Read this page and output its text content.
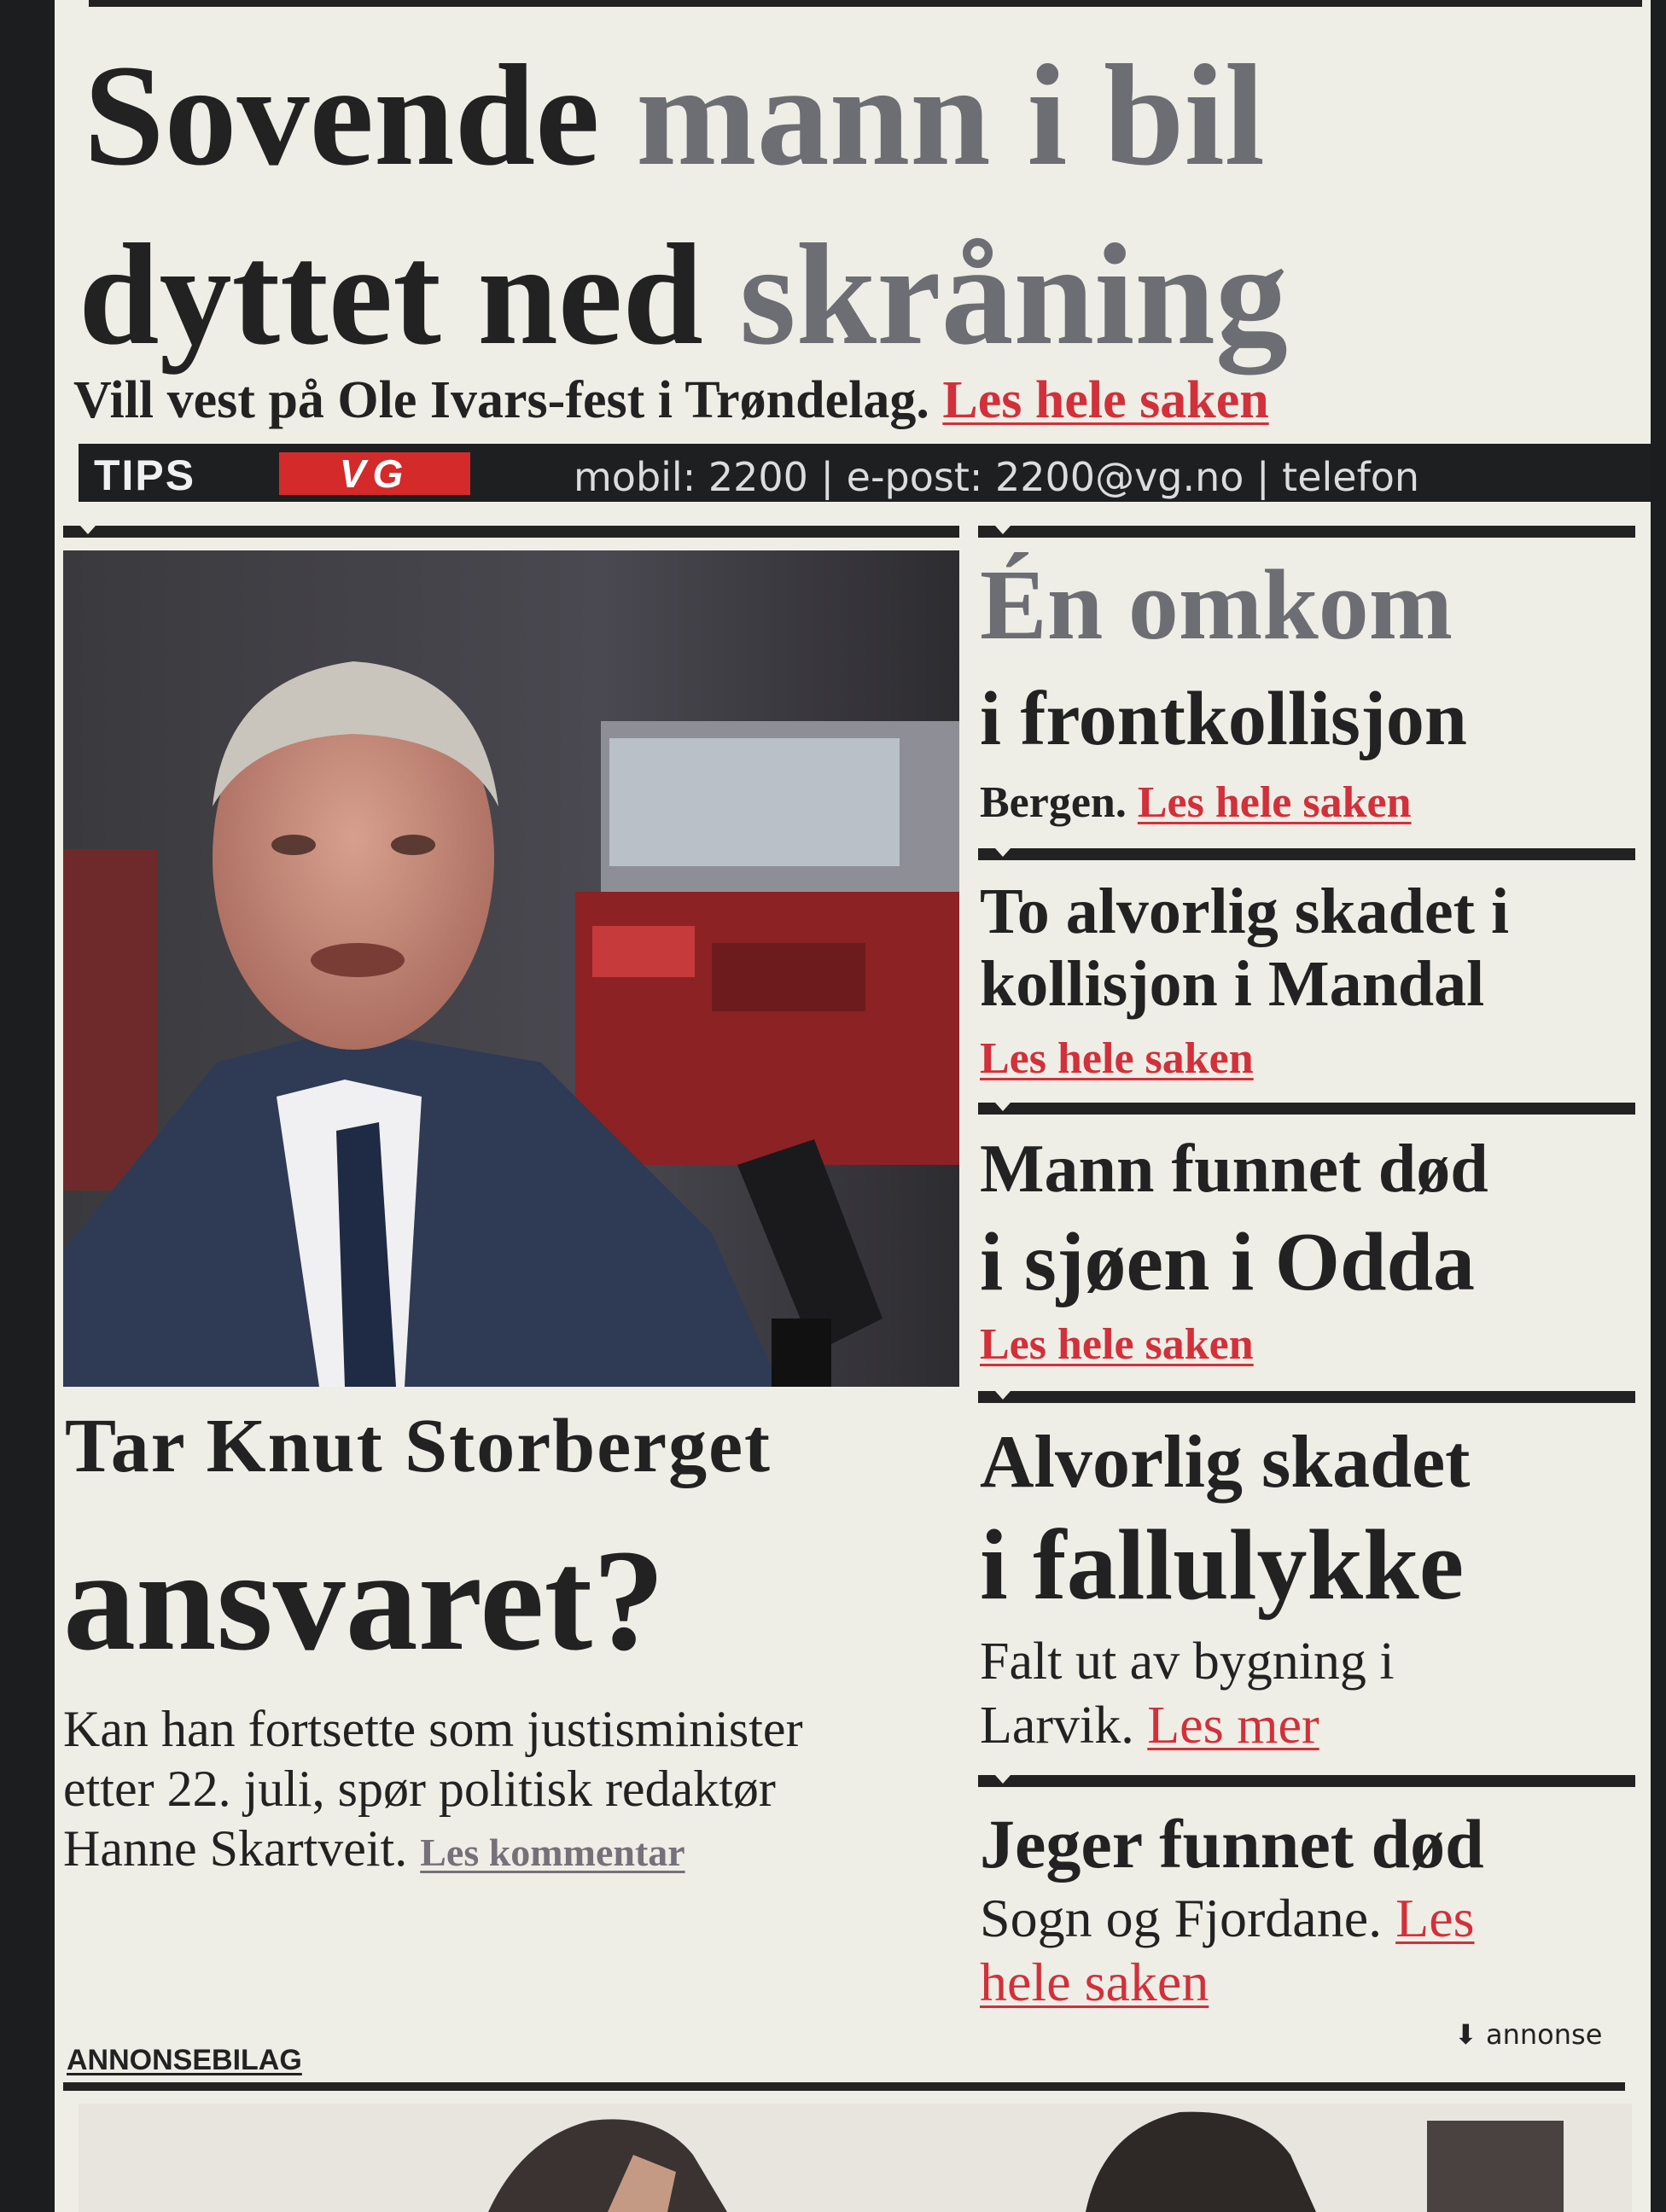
Sovende mann i bil
dyttet ned skråning

Vill vest på Ole Ivars-fest i Trøndelag. Les hele saken

TIPS	VG	mobil: 2200 | e-post: 2200@vg.no | telefon
Tar Knut Storberget
ansvaret?

Kan han fortsette som justisminister

etter 22. juli, spør politisk redaktør

Hanne Skartveit. Les kommentar

Én omkom
i frontkollisjon

Bergen. Les hele saken

To alvorlig skadet i
kollisjon i Mandal
Les hele saken
Mann funnet død
i sjøen i Odda
Les hele saken
Alvorlig skadet
i fallulykke

Falt ut av bygning i

Larvik. Les mer

Jeger funnet død

Sogn og Fjordane. Les

hele saken
⬇ annonse
ANNONSEBILAG
